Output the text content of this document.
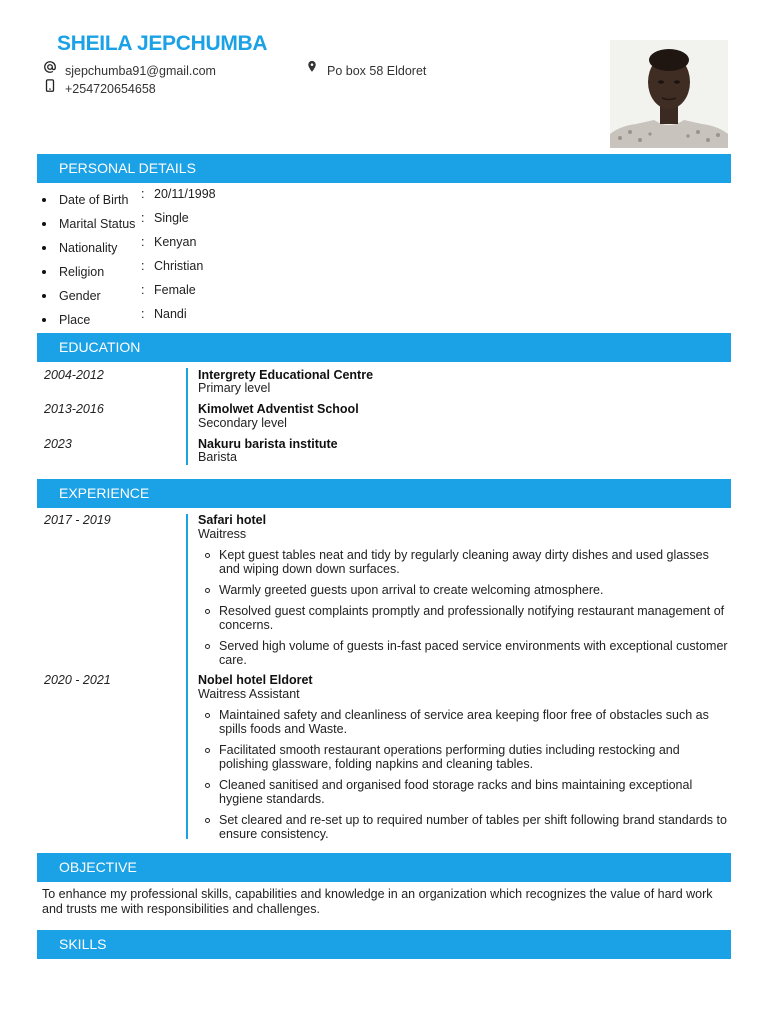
SHEILA JEPCHUMBA
sjepchumba91@gmail.com
+254720654658
Po box 58 Eldoret
PERSONAL DETAILS
Date of Birth : 20/11/1998
Marital Status : Single
Nationality : Kenyan
Religion	: Christian
Gender	: Female
Place	: Nandi
EDUCATION
2004-2012	Intergrety Educational Centre
Primary level
2013-2016	Kimolwet Adventist School
Secondary level
2023	Nakuru barista institute
Barista
EXPERIENCE
2017 - 2019	Safari hotel
Waitress
Kept guest tables neat and tidy by regularly cleaning away dirty dishes and used glasses and wiping down down surfaces.
Warmly greeted guests upon arrival to create welcoming atmosphere.
Resolved guest complaints promptly and professionally notifying restaurant management of concerns.
Served high volume of guests in-fast paced service environments with exceptional customer care.
2020 - 2021	Nobel hotel Eldoret
Waitress Assistant
Maintained safety and cleanliness of service area keeping floor free of obstacles such as spills foods and Waste.
Facilitated smooth restaurant operations performing duties including restocking and polishing glassware, folding napkins and cleaning tables.
Cleaned sanitised and organised food storage racks and bins maintaining exceptional hygiene standards.
Set cleared and re-set up to required number of tables per shift following brand standards to ensure consistency.
OBJECTIVE

To enhance my professional skills, capabilities and knowledge in an organization which recognizes the value of hard work and trusts me with responsibilities and challenges.

SKILLS
